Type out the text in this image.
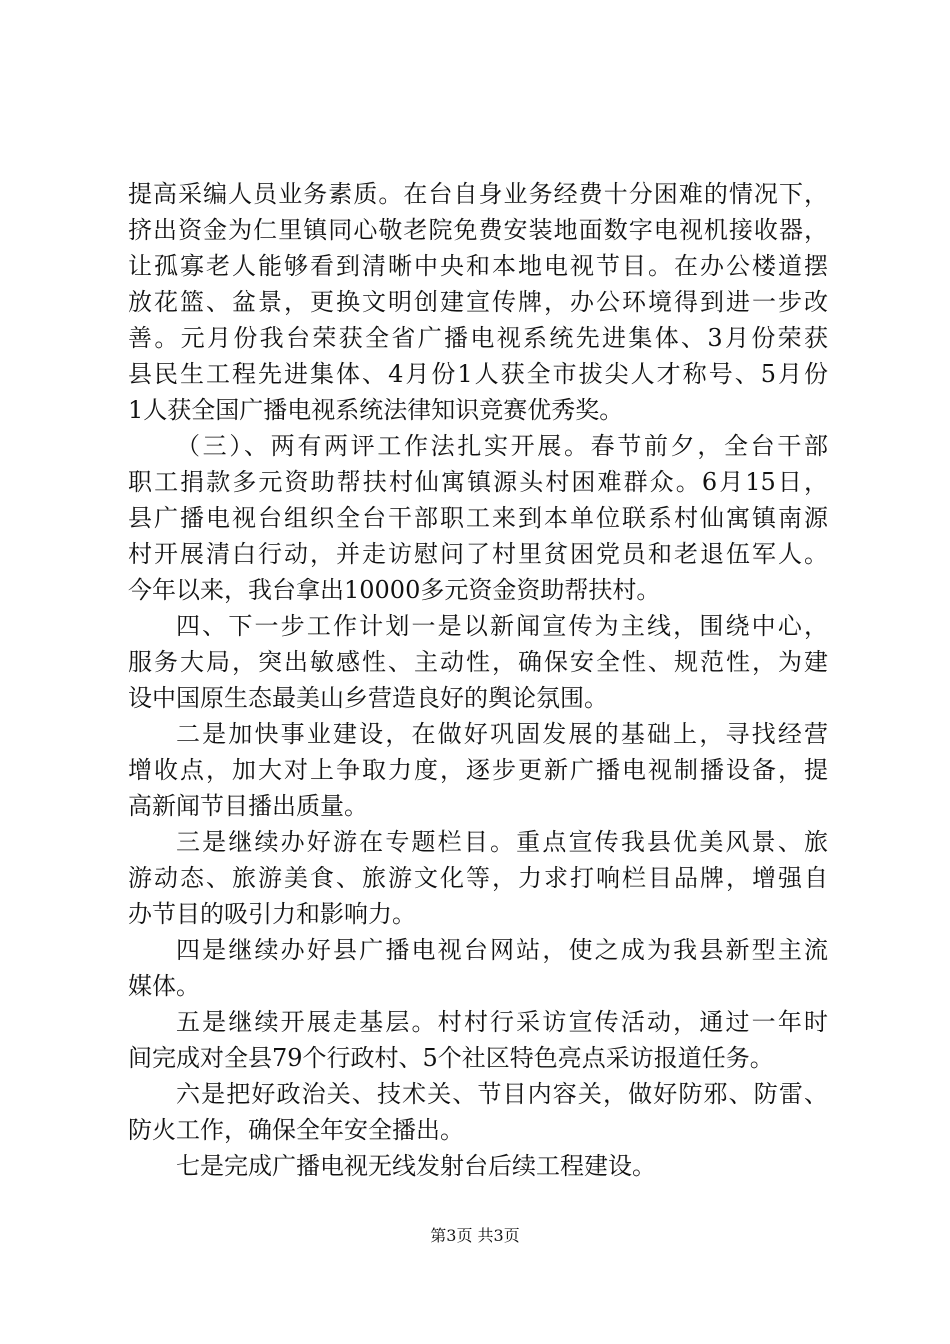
提高采编人员业务素质。在台自身业务经费十分困难的情况下，
挤出资金为仁里镇同心敬老院免费安装地面数字电视机接收器，
让孤寡老人能够看到清晰中央和本地电视节目。在办公楼道摆
放花篮、盆景，更换文明创建宣传牌，办公环境得到进一步改
善。元月份我台荣获全省广播电视系统先进集体、3月份荣获
县民生工程先进集体、4月份1人获全市拔尖人才称号、5月份
1人获全国广播电视系统法律知识竞赛优秀奖。
（三）、两有两评工作法扎实开展。春节前夕，全台干部
职工捐款多元资助帮扶村仙寓镇源头村困难群众。6月15日，
县广播电视台组织全台干部职工来到本单位联系村仙寓镇南源
村开展清白行动，并走访慰问了村里贫困党员和老退伍军人。
今年以来，我台拿出10000多元资金资助帮扶村。
四、下一步工作计划一是以新闻宣传为主线，围绕中心，
服务大局，突出敏感性、主动性，确保安全性、规范性，为建
设中国原生态最美山乡营造良好的舆论氛围。
二是加快事业建设，在做好巩固发展的基础上，寻找经营
增收点，加大对上争取力度，逐步更新广播电视制播设备，提
高新闻节目播出质量。
三是继续办好游在专题栏目。重点宣传我县优美风景、旅
游动态、旅游美食、旅游文化等，力求打响栏目品牌，增强自
办节目的吸引力和影响力。
四是继续办好县广播电视台网站，使之成为我县新型主流
媒体。
五是继续开展走基层。村村行采访宣传活动，通过一年时
间完成对全县79个行政村、5个社区特色亮点采访报道任务。
六是把好政治关、技术关、节目内容关，做好防邪、防雷、
防火工作，确保全年安全播出。
七是完成广播电视无线发射台后续工程建设。
第3页 共3页
